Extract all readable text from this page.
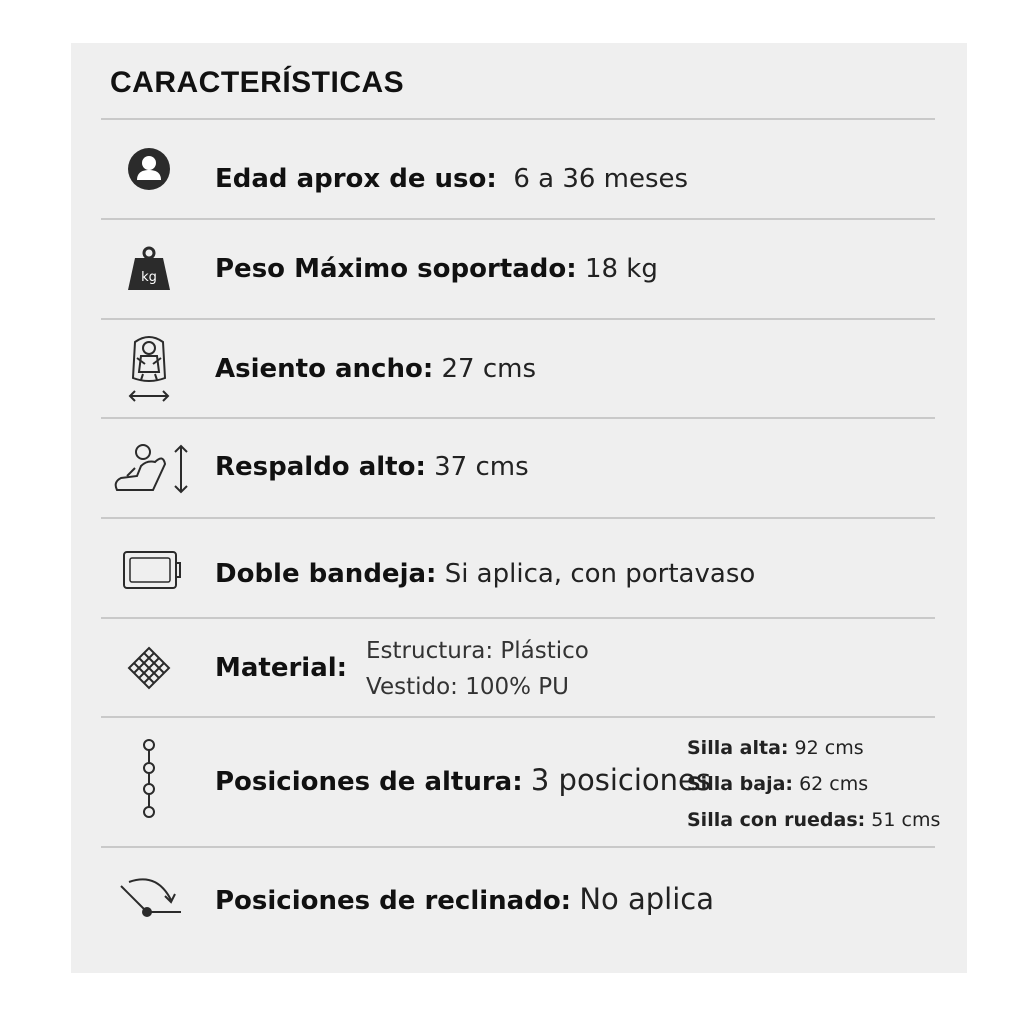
CARACTERÍSTICAS
Edad aprox de uso: 6 a 36 meses
kg Peso Máximo soportado: 18 kg
Asiento ancho: 27 cms
Respaldo alto: 37 cms
Doble bandeja: Si aplica, con portavaso
Material:
Estructura: Plástico
Vestido: 100% PU
Posiciones de altura: 3 posiciones
Silla alta: 92 cms
Silla baja: 62 cms
Silla con ruedas: 51 cms
Posiciones de reclinado: No aplica
